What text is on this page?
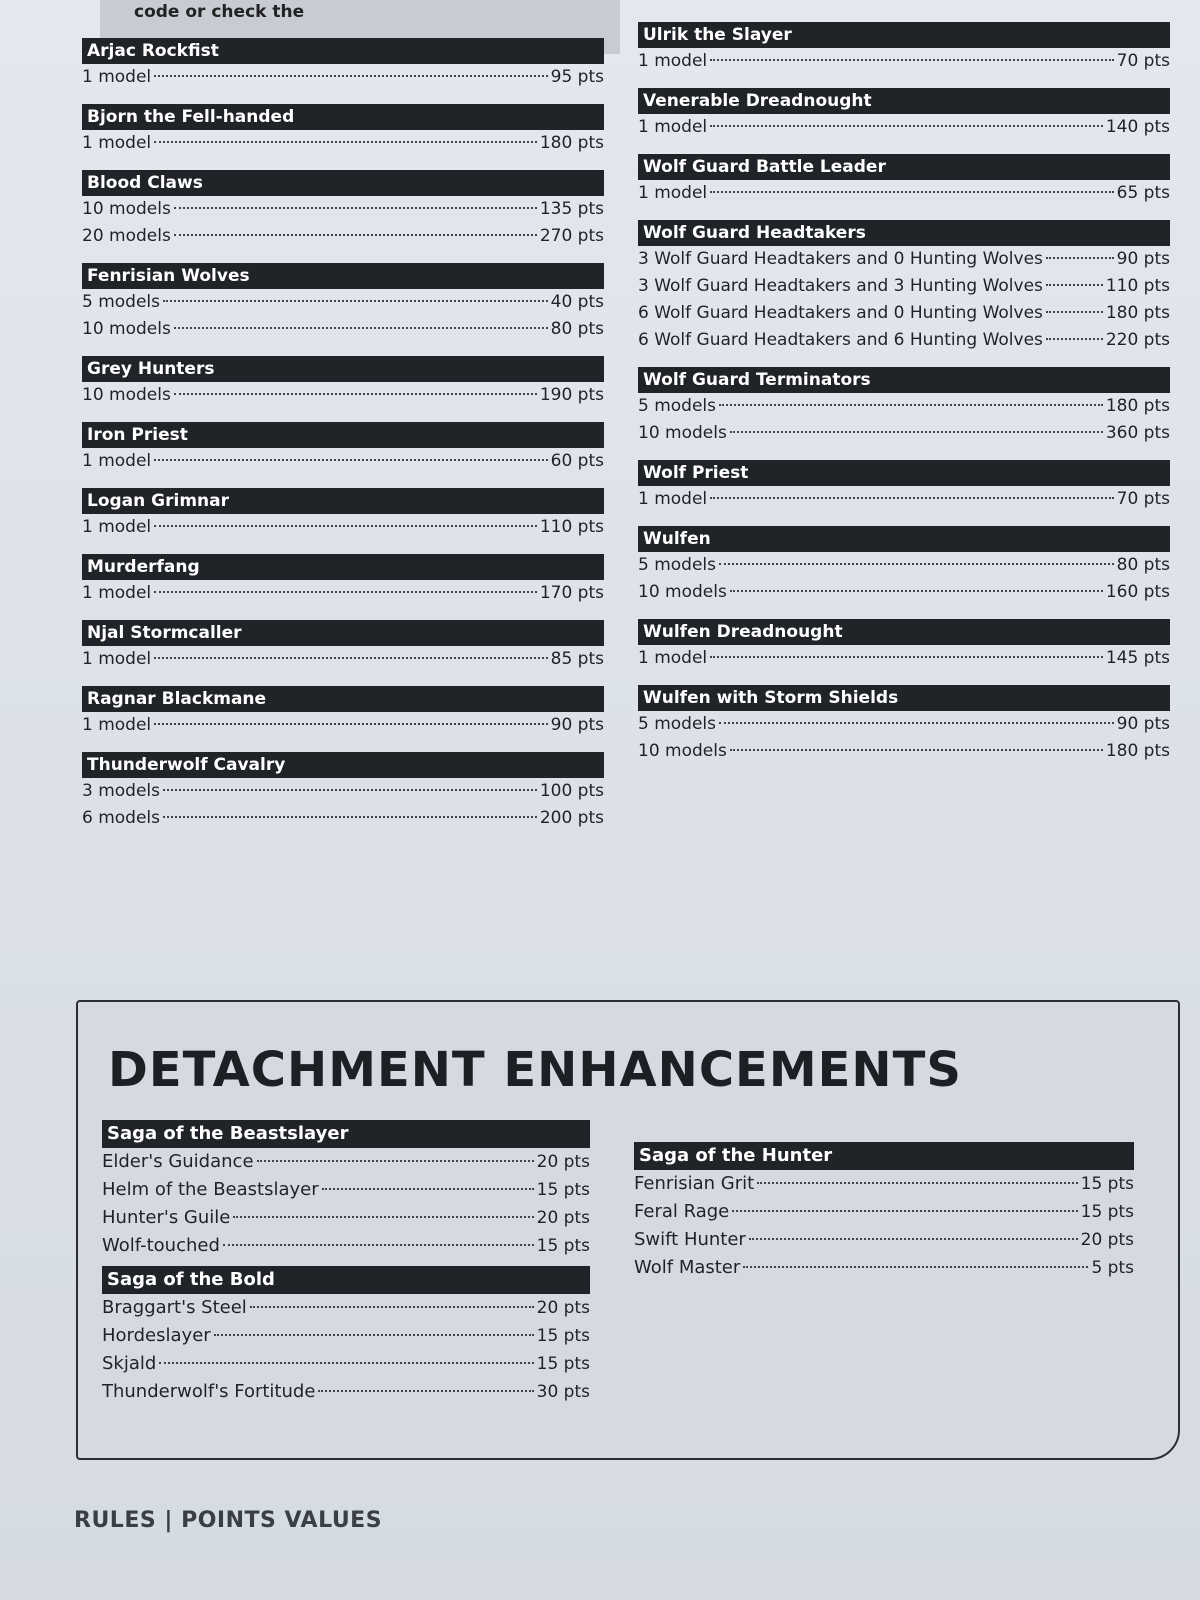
code or check the
Arjac Rockfist
1 model	95 pts
Bjorn the Fell-handed
1 model	180 pts
Blood Claws
10 models	135 pts
20 models	270 pts
Fenrisian Wolves
5 models	40 pts
10 models	80 pts
Grey Hunters
10 models	190 pts
Iron Priest
1 model	60 pts
Logan Grimnar
1 model	110 pts
Murderfang
1 model	170 pts
Njal Stormcaller
1 model	85 pts
Ragnar Blackmane
1 model	90 pts
Thunderwolf Cavalry
3 models	100 pts
6 models	200 pts
Ulrik the Slayer
1 model	70 pts
Venerable Dreadnought
1 model	140 pts
Wolf Guard Battle Leader
1 model	65 pts
Wolf Guard Headtakers
3 Wolf Guard Headtakers and 0 Hunting Wolves	90 pts
3 Wolf Guard Headtakers and 3 Hunting Wolves	110 pts
6 Wolf Guard Headtakers and 0 Hunting Wolves	180 pts
6 Wolf Guard Headtakers and 6 Hunting Wolves	220 pts
Wolf Guard Terminators
5 models	180 pts
10 models	360 pts
Wolf Priest
1 model	70 pts
Wulfen
5 models	80 pts
10 models	160 pts
Wulfen Dreadnought
1 model	145 pts
Wulfen with Storm Shields
5 models	90 pts
10 models	180 pts
DETACHMENT ENHANCEMENTS
Saga of the Beastslayer
Elder's Guidance	20 pts
Helm of the Beastslayer	15 pts
Hunter's Guile	20 pts
Wolf-touched	15 pts
Saga of the Bold
Braggart's Steel	20 pts
Hordeslayer	15 pts
Skjald	15 pts
Thunderwolf's Fortitude	30 pts
Saga of the Hunter
Fenrisian Grit	15 pts
Feral Rage	15 pts
Swift Hunter	20 pts
Wolf Master	5 pts
RULES | POINTS VALUES
